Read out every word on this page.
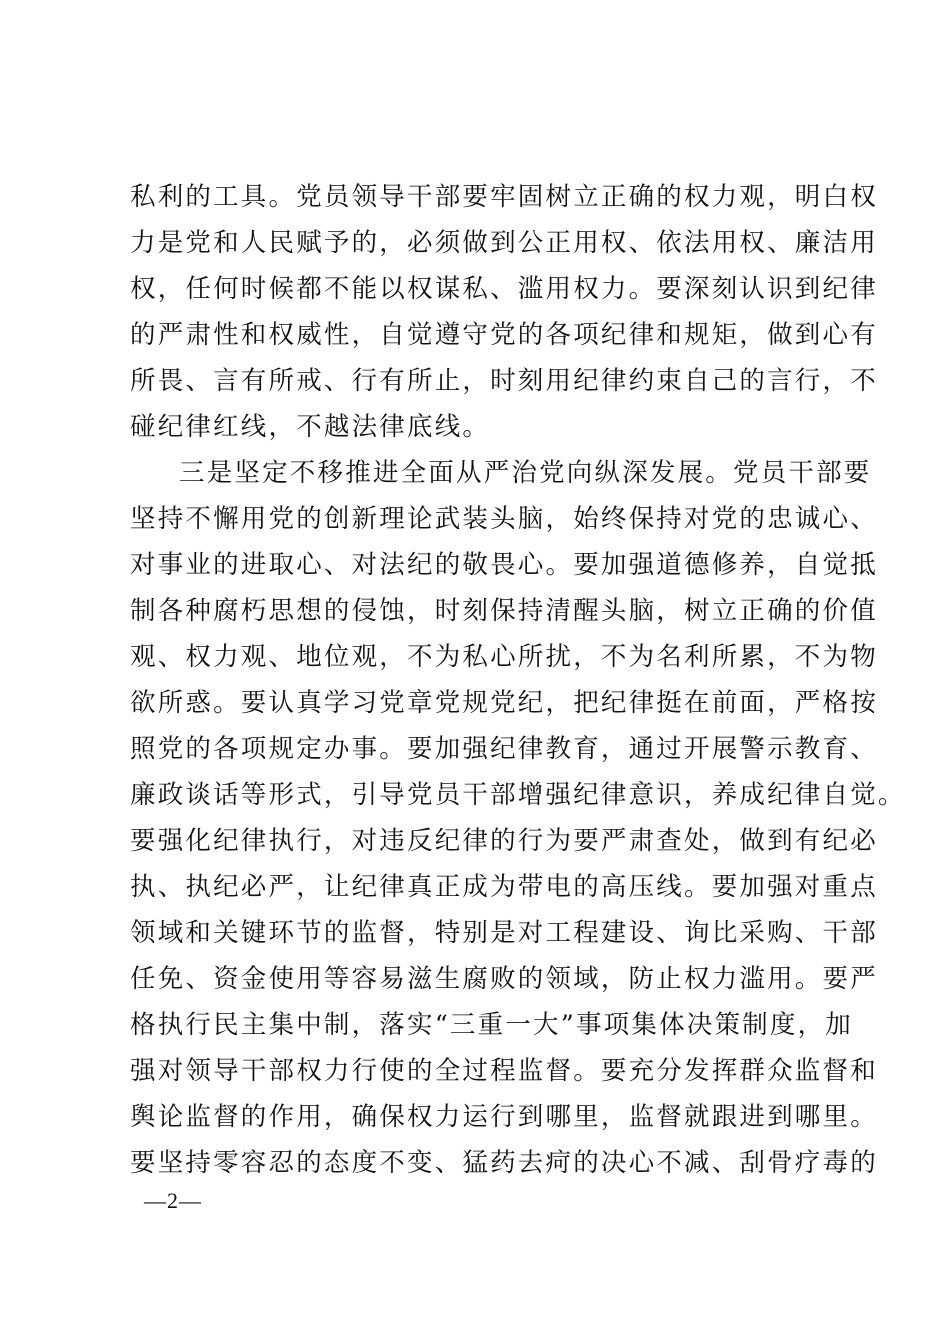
私利的工具。党员领导干部要牢固树立正确的权力观，明白权
力是党和人民赋予的，必须做到公正用权、依法用权、廉洁用
权，任何时候都不能以权谋私、滥用权力。要深刻认识到纪律
的严肃性和权威性，自觉遵守党的各项纪律和规矩，做到心有
所畏、言有所戒、行有所止，时刻用纪律约束自己的言行，不
碰纪律红线，不越法律底线。
三是坚定不移推进全面从严治党向纵深发展。党员干部要
坚持不懈用党的创新理论武装头脑，始终保持对党的忠诚心、
对事业的进取心、对法纪的敬畏心。要加强道德修养，自觉抵
制各种腐朽思想的侵蚀，时刻保持清醒头脑，树立正确的价值
观、权力观、地位观，不为私心所扰，不为名利所累，不为物
欲所惑。要认真学习党章党规党纪，把纪律挺在前面，严格按
照党的各项规定办事。要加强纪律教育，通过开展警示教育、
廉政谈话等形式，引导党员干部增强纪律意识，养成纪律自觉。
要强化纪律执行，对违反纪律的行为要严肃查处，做到有纪必
执、执纪必严，让纪律真正成为带电的高压线。要加强对重点
领域和关键环节的监督，特别是对工程建设、询比采购、干部
任免、资金使用等容易滋生腐败的领域，防止权力滥用。要严
格执行民主集中制，落实“三重一大”事项集体决策制度，加
强对领导干部权力行使的全过程监督。要充分发挥群众监督和
舆论监督的作用，确保权力运行到哪里，监督就跟进到哪里。
要坚持零容忍的态度不变、猛药去疴的决心不减、刮骨疗毒的
—2—
